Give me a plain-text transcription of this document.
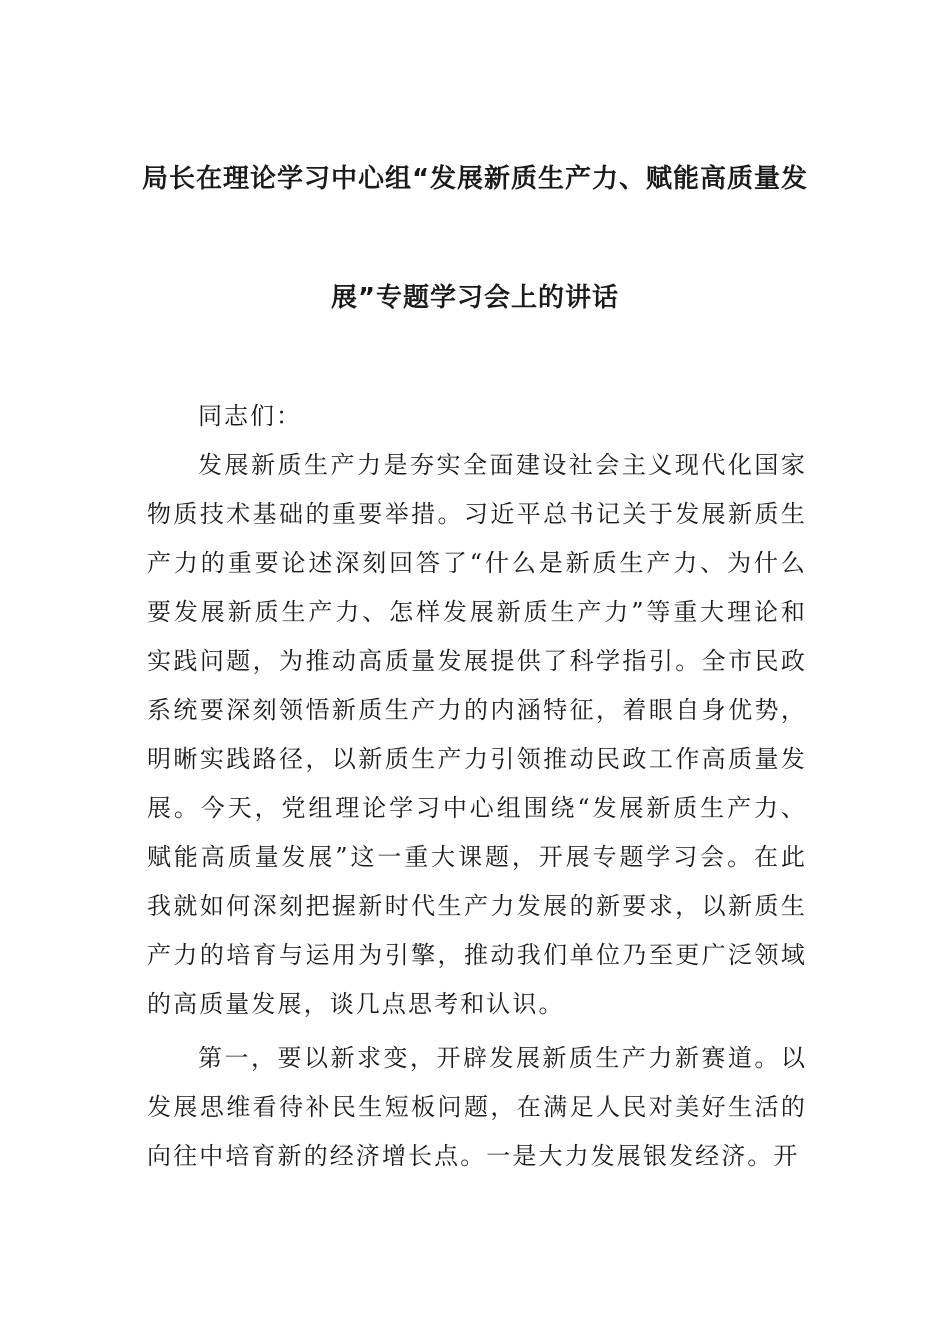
局长在理论学习中心组“发展新质生产力、赋能高质量发
展”专题学习会上的讲话
同志们：

发展新质生产力是夯实全面建设社会主义现代化国家物质技术基础的重要举措。习近平总书记关于发展新质生产力的重要论述深刻回答了“什么是新质生产力、为什么要发展新质生产力、怎样发展新质生产力”等重大理论和实践问题，为推动高质量发展提供了科学指引。全市民政系统要深刻领悟新质生产力的内涵特征，着眼自身优势，明晰实践路径，以新质生产力引领推动民政工作高质量发展。今天，党组理论学习中心组围绕“发展新质生产力、赋能高质量发展”这一重大课题，开展专题学习会。在此我就如何深刻把握新时代生产力发展的新要求，以新质生产力的培育与运用为引擎，推动我们单位乃至更广泛领域的高质量发展，谈几点思考和认识。

第一，要以新求变，开辟发展新质生产力新赛道。以发展思维看待补民生短板问题，在满足人民对美好生活的向往中培育新的经济增长点。一是大力发展银发经济。开
